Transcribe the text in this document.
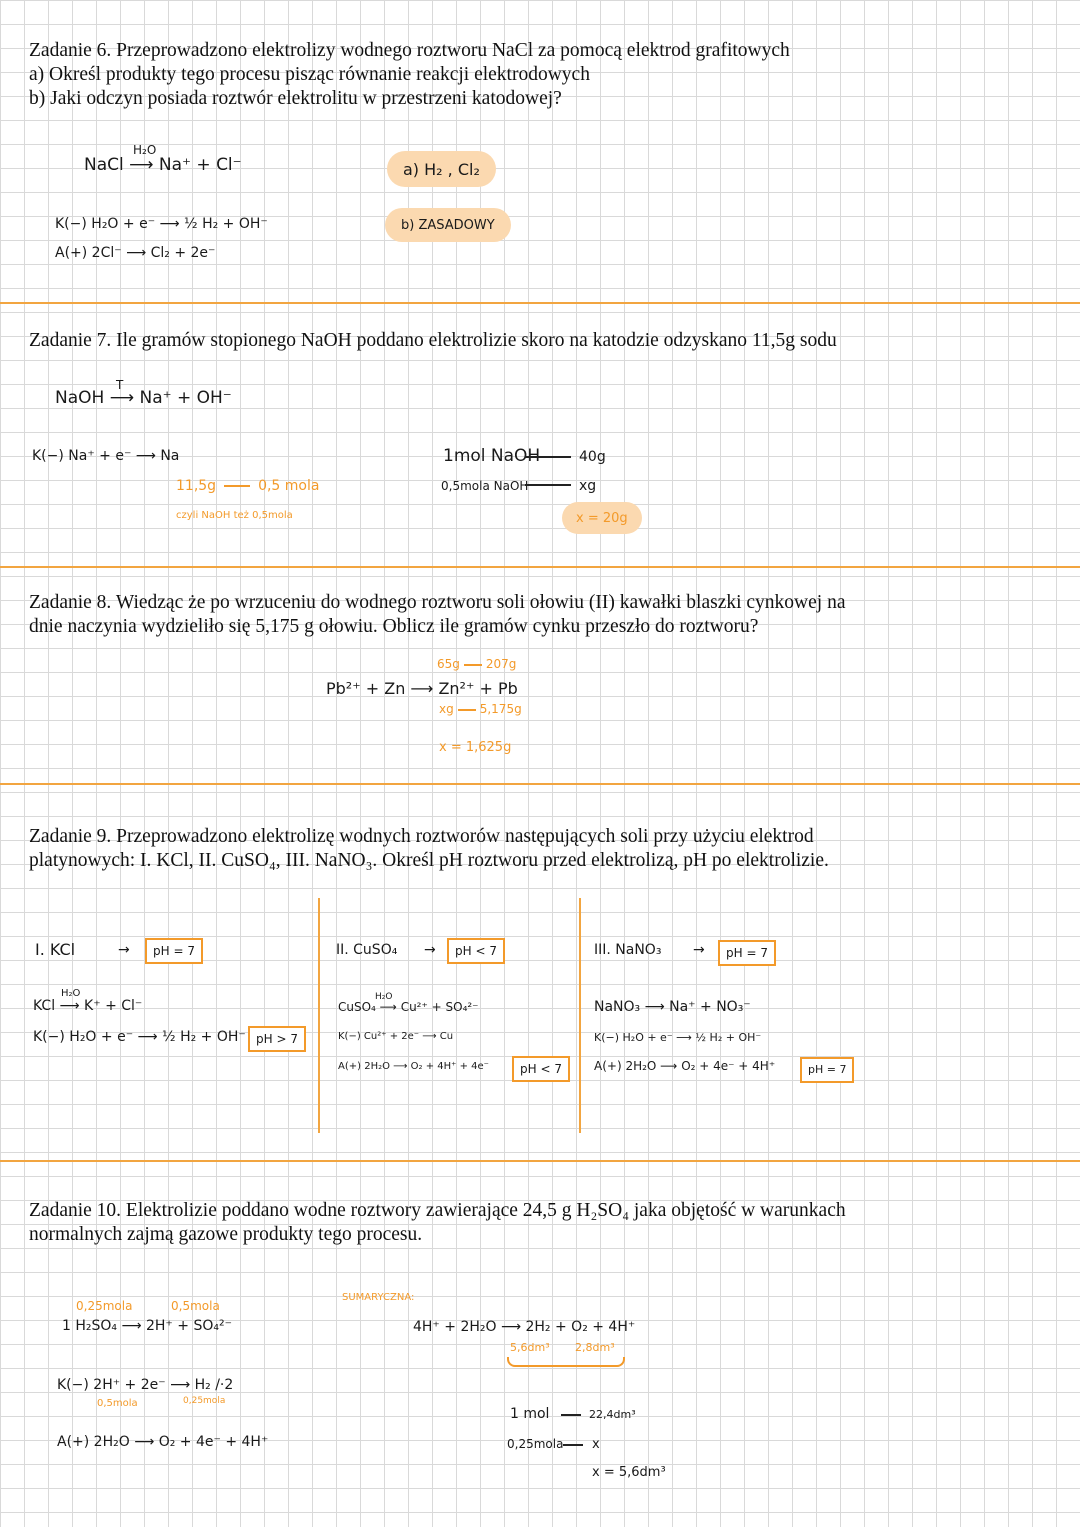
Zadanie 6. Przeprowadzono elektrolizy wodnego roztworu NaCl za pomocą elektrod grafitowych
a) Określ produkty tego procesu pisząc równanie reakcji elektrodowych
b) Jaki odczyn posiada roztwór elektrolitu w przestrzeni katodowej?
H₂O
NaCl ⟶ Na⁺ + Cl⁻
K(−) H₂O + e⁻ ⟶ ½ H₂ + OH⁻
A(+) 2Cl⁻ ⟶ Cl₂ + 2e⁻
a) H₂ , Cl₂
b) ZASADOWY
Zadanie 7. Ile gramów stopionego NaOH poddano elektrolizie skoro na katodzie odzyskano 11,5g sodu
T
NaOH ⟶ Na⁺ + OH⁻
K(−) Na⁺ + e⁻ ⟶ Na
11,5g	0,5 mola
czyli NaOH też 0,5mola
1mol NaOH	40g
0,5mola NaOH	xg
x = 20g
Zadanie 8. Wiedząc że po wrzuceniu do wodnego roztworu soli ołowiu (II) kawałki blaszki cynkowej na
dnie naczynia wydzieliło się 5,175 g ołowiu. Oblicz ile gramów cynku przeszło do roztworu?
65g 207g
Pb²⁺ + Zn ⟶ Zn²⁺ + Pb
xg 5,175g
x = 1,625g
Zadanie 9. Przeprowadzono elektrolizę wodnych roztworów następujących soli przy użyciu elektrod
platynowych: I. KCl, II. CuSO₄, III. NaNO₃. Określ pH roztworu przed elektrolizą, pH po elektrolizie.
I. KCl	→	pH = 7
H₂O
KCl ⟶ K⁺ + Cl⁻
K(−) H₂O + e⁻ ⟶ ½ H₂ + OH⁻ pH > 7
II. CuSO₄ →	pH < 7
H₂O
CuSO₄ ⟶ Cu²⁺ + SO₄²⁻
K(−) Cu²⁺ + 2e⁻ ⟶ Cu
A(+) 2H₂O ⟶ O₂ + 4H⁺ + 4e⁻	pH < 7
III. NaNO₃ →	pH = 7
NaNO₃ ⟶ Na⁺ + NO₃⁻
K(−) H₂O + e⁻ ⟶ ½ H₂ + OH⁻
A(+) 2H₂O ⟶ O₂ + 4e⁻ + 4H⁺	pH = 7
Zadanie 10. Elektrolizie poddano wodne roztwory zawierające 24,5 g H₂SO₄ jaka objętość w warunkach
normalnych zajmą gazowe produkty tego procesu.
0,25mola	0,5mola
1 H₂SO₄ ⟶ 2H⁺ + SO₄²⁻
K(−) 2H⁺ + 2e⁻ ⟶ H₂ /·2
0,5mola	0,25mola
A(+) 2H₂O ⟶ O₂ + 4e⁻ + 4H⁺
SUMARYCZNA:
4H⁺ + 2H₂O ⟶ 2H₂ + O₂ + 4H⁺
5,6dm³ 2,8dm³
1 mol	22,4dm³
0,25mola x
x = 5,6dm³
